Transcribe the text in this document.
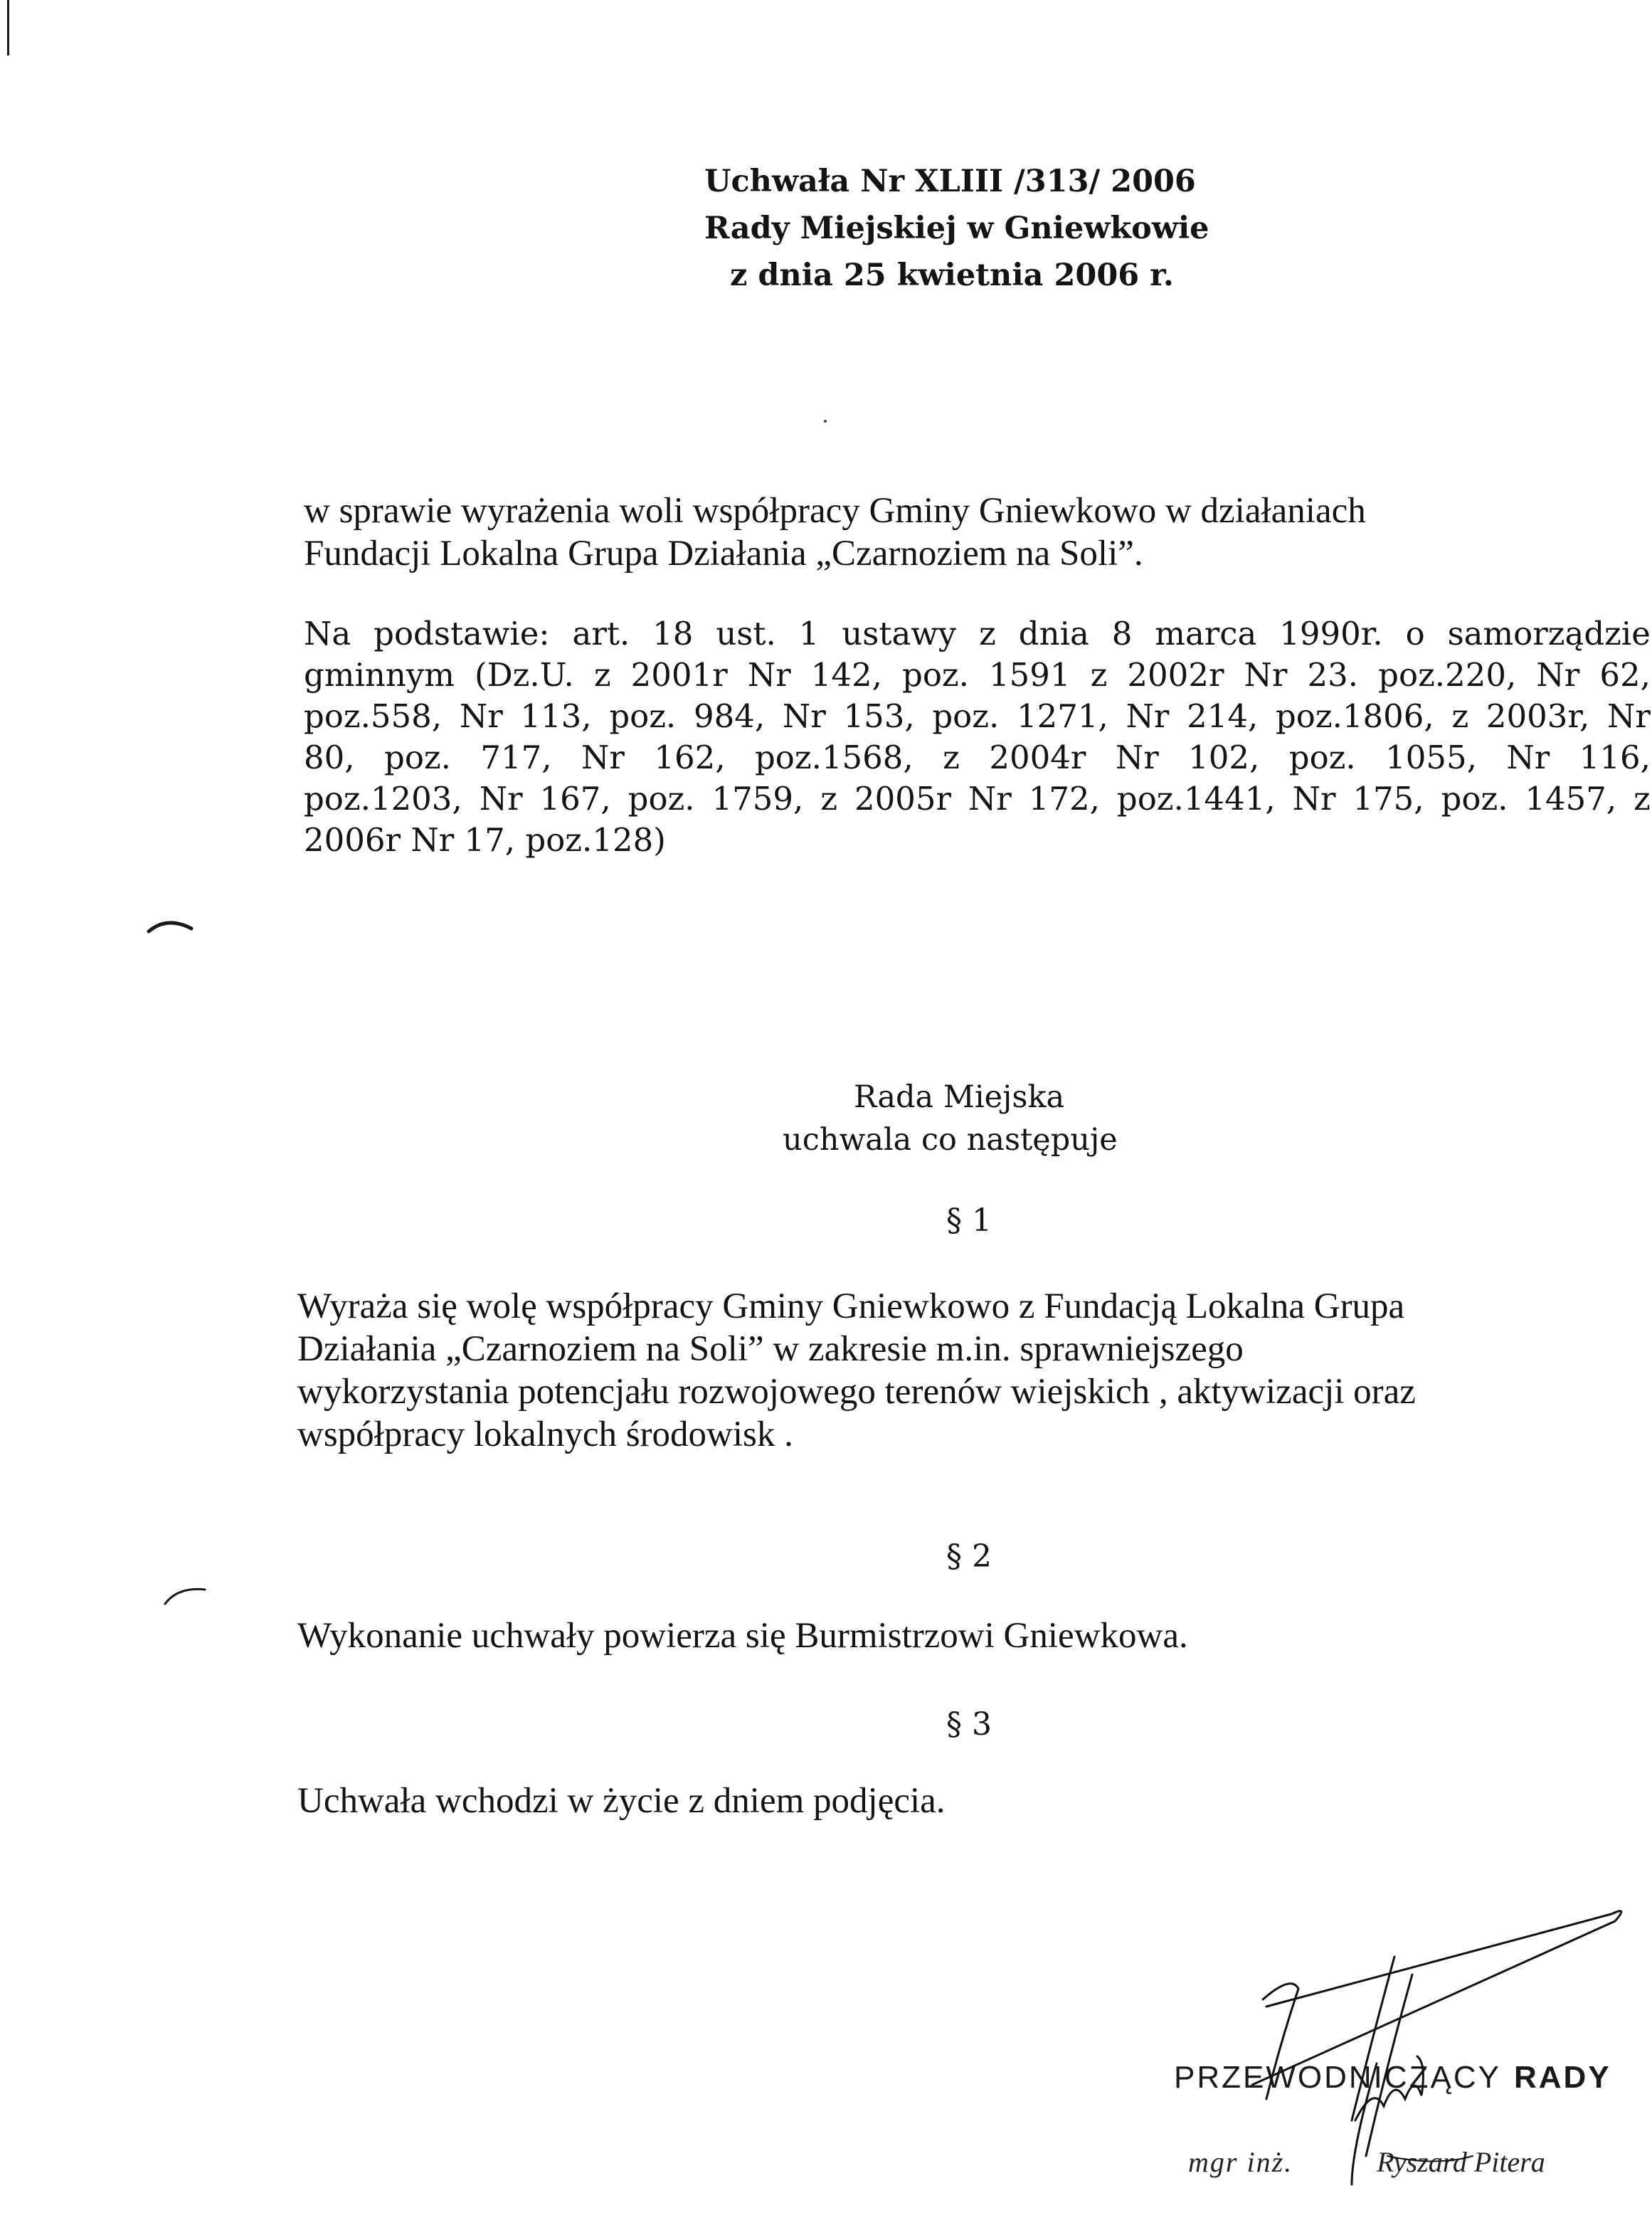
Uchwała Nr XLIII /313/ 2006
Rady Miejskiej w Gniewkowie
z dnia 25 kwietnia 2006 r.
w sprawie wyrażenia woli współpracy Gminy Gniewkowo w działaniach
Fundacji Lokalna Grupa Działania „Czarnoziem na Soli”.
Na podstawie: art. 18 ust. 1 ustawy z dnia 8 marca 1990r. o samorządzie
gminnym (Dz.U. z 2001r Nr 142, poz. 1591 z 2002r Nr 23. poz.220, Nr 62,
poz.558, Nr 113, poz. 984, Nr 153, poz. 1271, Nr 214, poz.1806, z 2003r, Nr
80, poz. 717, Nr 162, poz.1568, z 2004r Nr 102, poz. 1055, Nr 116,
poz.1203, Nr 167, poz. 1759, z 2005r Nr 172, poz.1441, Nr 175, poz. 1457, z
2006r Nr 17, poz.128)
Rada Miejska
uchwala co następuje
§ 1
Wyraża się wolę współpracy Gminy Gniewkowo z Fundacją Lokalna Grupa
Działania „Czarnoziem na Soli” w zakresie m.in. sprawniejszego
wykorzystania potencjału rozwojowego terenów wiejskich , aktywizacji oraz
współpracy lokalnych środowisk .
§ 2
Wykonanie uchwały powierza się Burmistrzowi Gniewkowa.
§ 3
Uchwała wchodzi w życie z dniem podjęcia.
PRZEWODNICZĄCY RADY
mgr inż.	Ryszard Pitera
